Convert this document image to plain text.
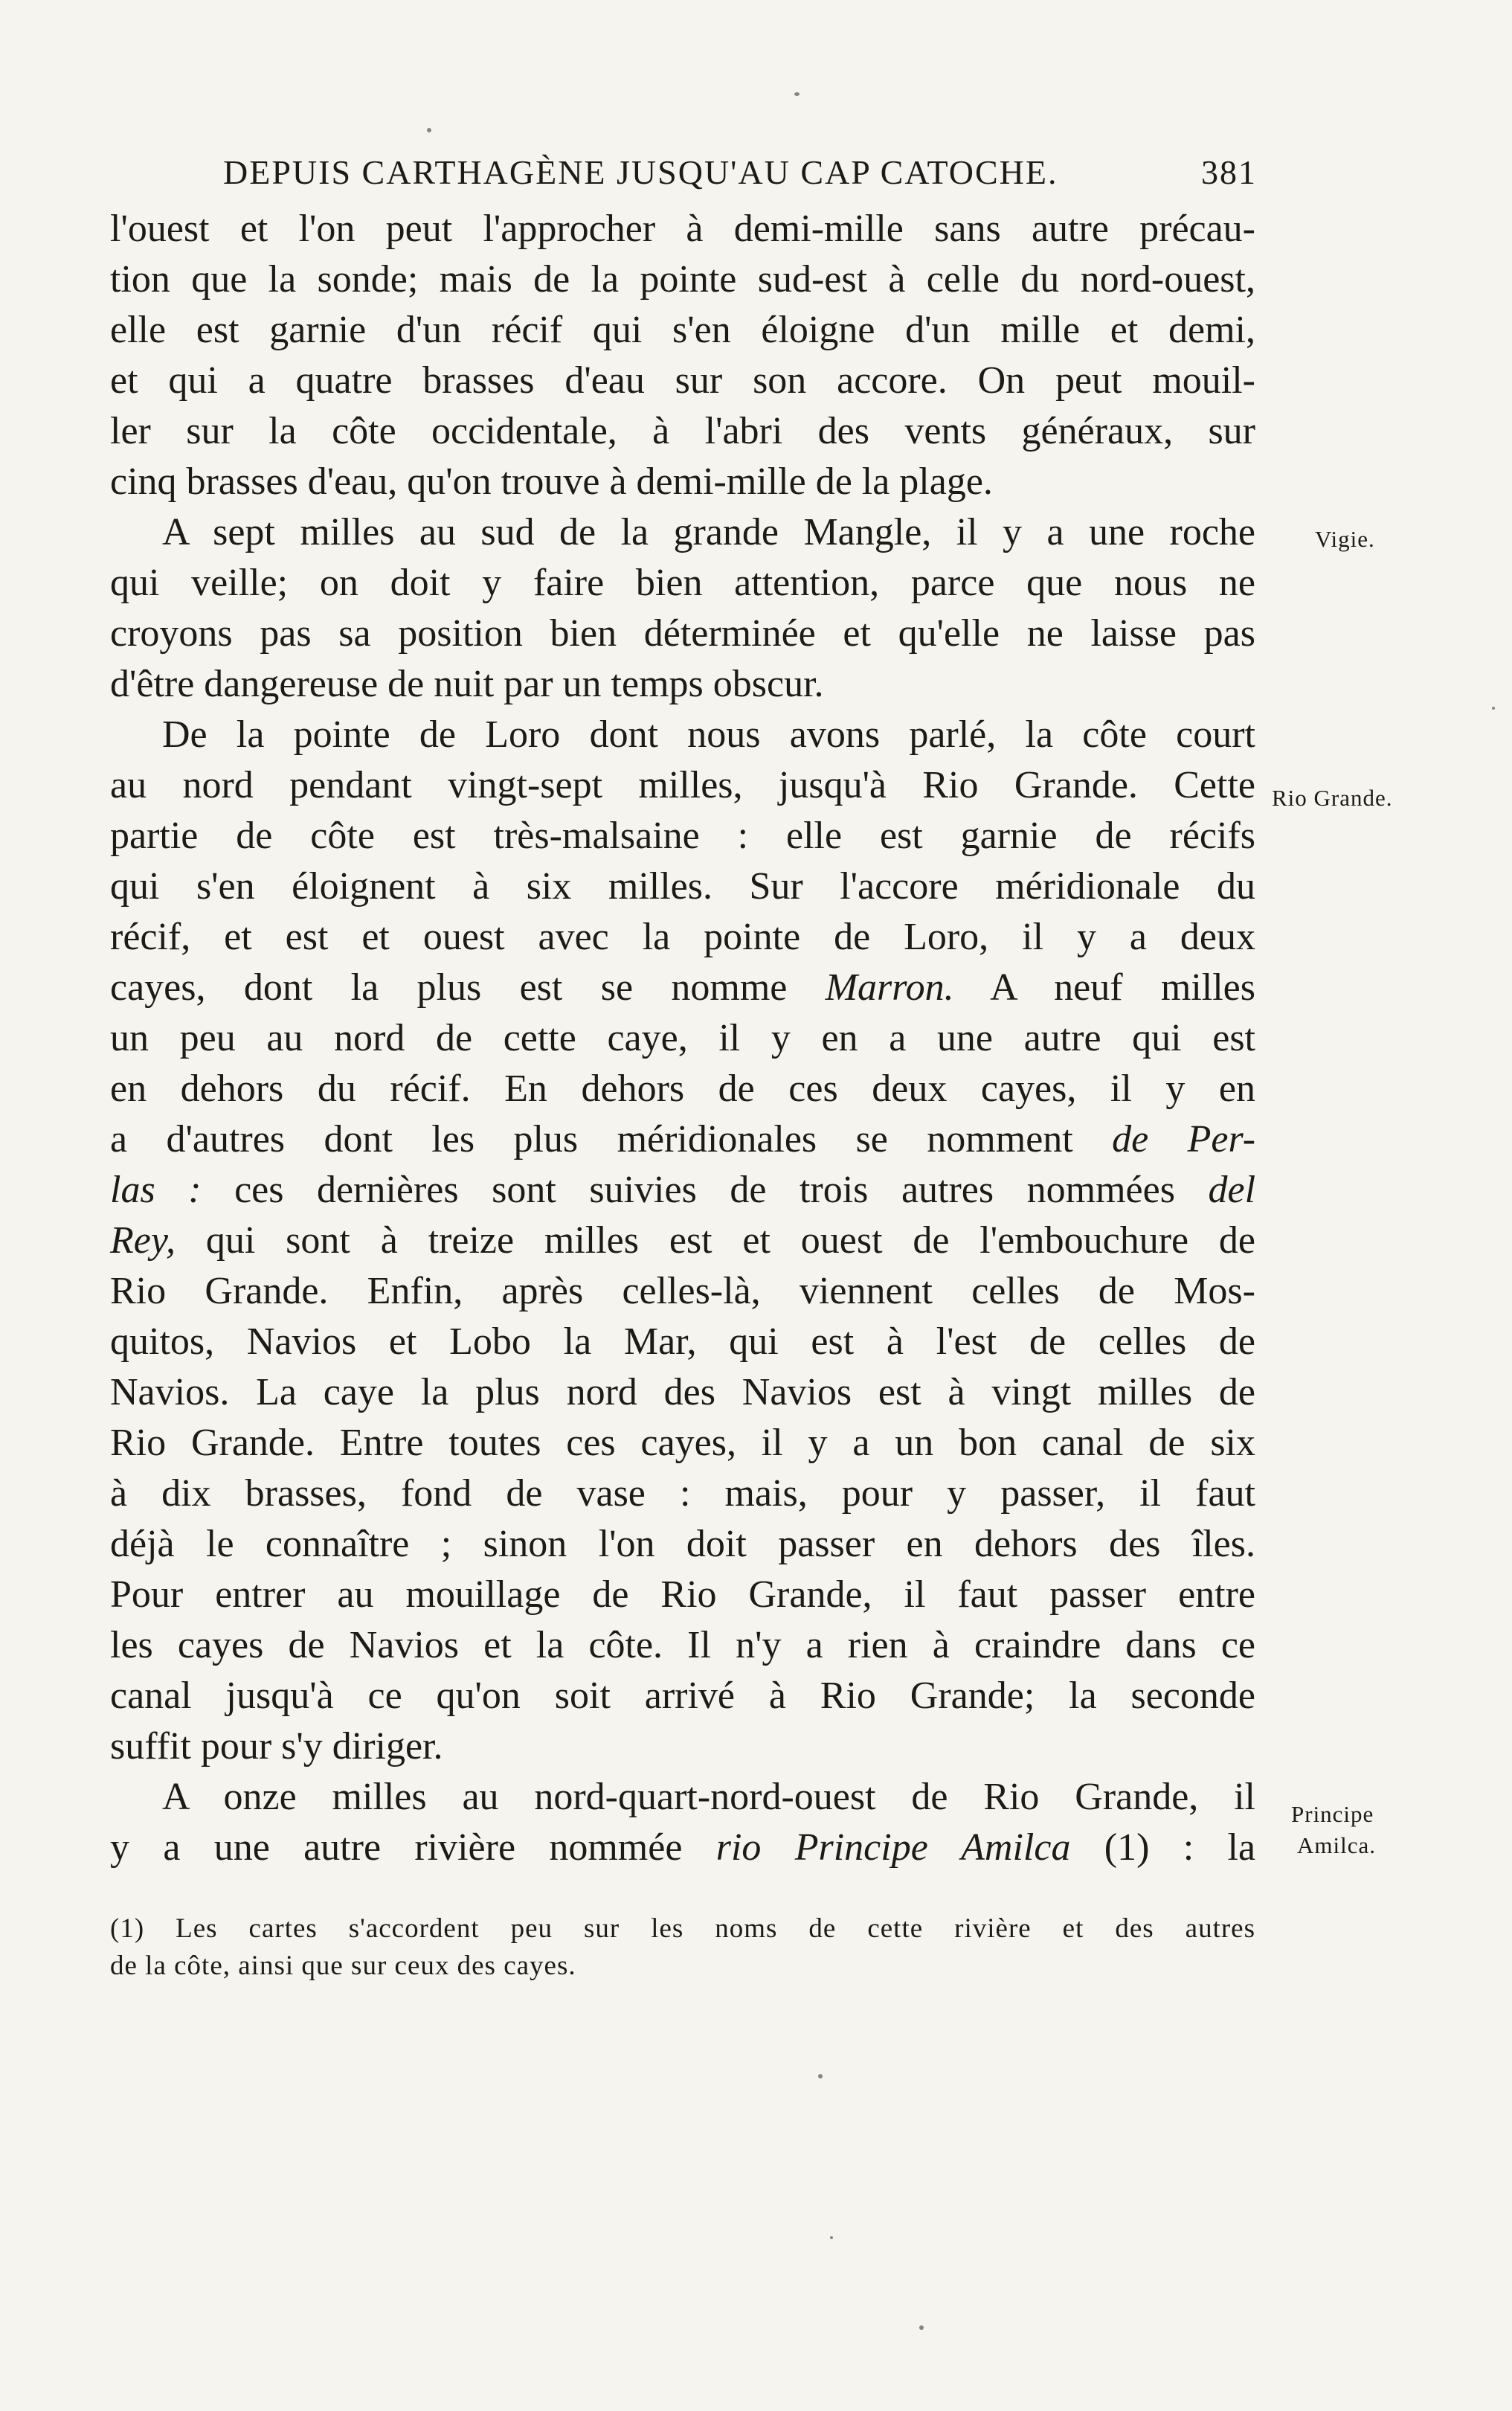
DEPUIS CARTHAGÈNE JUSQU'AU CAP CATOCHE.	381
l'ouest et l'on peut l'approcher à demi-mille sans autre précau-
tion que la sonde; mais de la pointe sud-est à celle du nord-ouest,
elle est garnie d'un récif qui s'en éloigne d'un mille et demi,
et qui a quatre brasses d'eau sur son accore. On peut mouil-
ler sur la côte occidentale, à l'abri des vents généraux, sur
cinq brasses d'eau, qu'on trouve à demi-mille de la plage.
A sept milles au sud de la grande Mangle, il y a une roche
qui veille; on doit y faire bien attention, parce que nous ne
croyons pas sa position bien déterminée et qu'elle ne laisse pas
d'être dangereuse de nuit par un temps obscur.
De la pointe de Loro dont nous avons parlé, la côte court
au nord pendant vingt-sept milles, jusqu'à Rio Grande. Cette
partie de côte est très-malsaine : elle est garnie de récifs
qui s'en éloignent à six milles. Sur l'accore méridionale du
récif, et est et ouest avec la pointe de Loro, il y a deux
cayes, dont la plus est se nomme Marron. A neuf milles
un peu au nord de cette caye, il y en a une autre qui est
en dehors du récif. En dehors de ces deux cayes, il y en
a d'autres dont les plus méridionales se nomment de Per-
las : ces dernières sont suivies de trois autres nommées del
Rey, qui sont à treize milles est et ouest de l'embouchure de
Rio Grande. Enfin, après celles-là, viennent celles de Mos-
quitos, Navios et Lobo la Mar, qui est à l'est de celles de
Navios. La caye la plus nord des Navios est à vingt milles de
Rio Grande. Entre toutes ces cayes, il y a un bon canal de six
à dix brasses, fond de vase : mais, pour y passer, il faut
déjà le connaître ; sinon l'on doit passer en dehors des îles.
Pour entrer au mouillage de Rio Grande, il faut passer entre
les cayes de Navios et la côte. Il n'y a rien à craindre dans ce
canal jusqu'à ce qu'on soit arrivé à Rio Grande; la seconde
suffit pour s'y diriger.
A onze milles au nord-quart-nord-ouest de Rio Grande, il
y a une autre rivière nommée rio Principe Amilca (1) : la
Vigie.
Rio Grande.
Principe
Amilca.
(1) Les cartes s'accordent peu sur les noms de cette rivière et des autres
de la côte, ainsi que sur ceux des cayes.
